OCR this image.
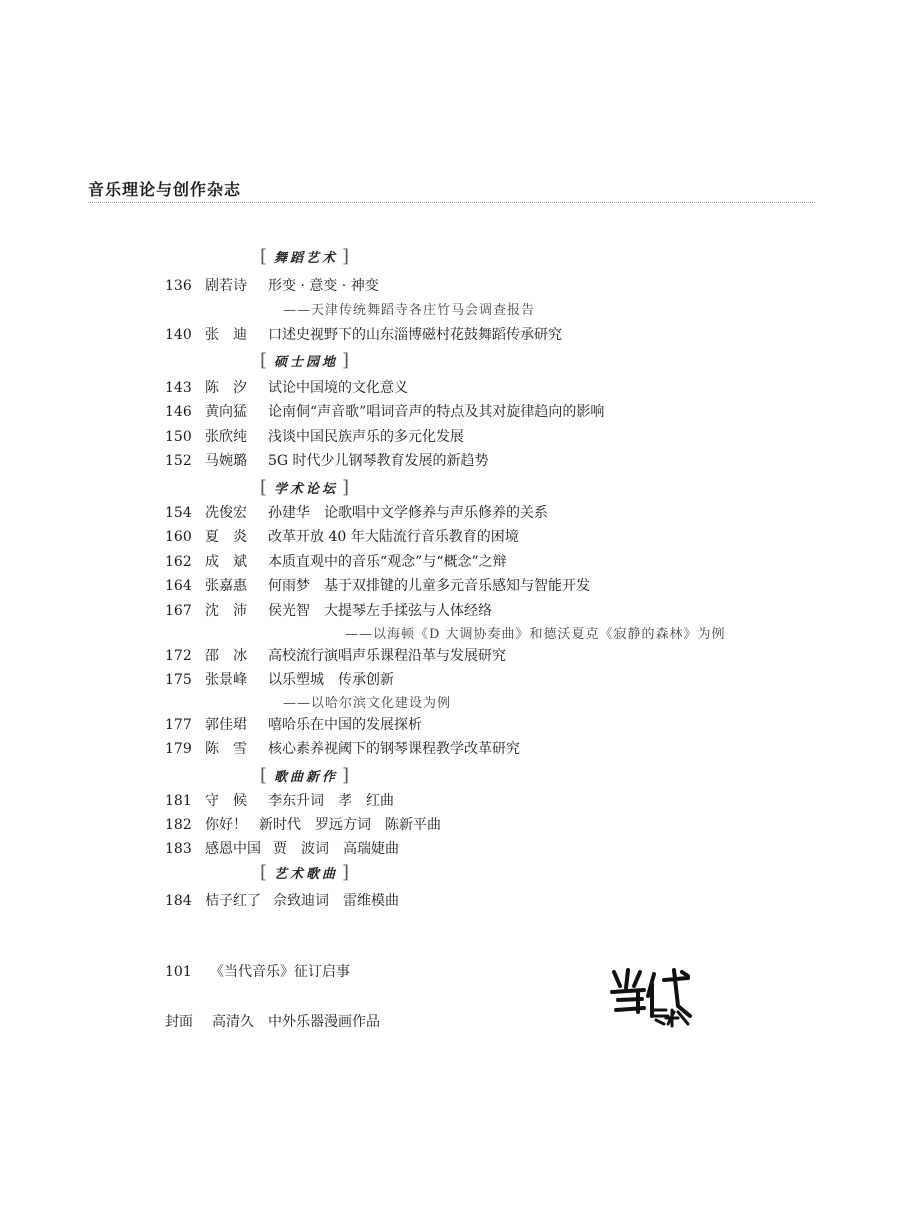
音乐理论与创作杂志
[ 舞蹈艺术 ]
136 剧若诗 形变 · 意变 · 神变
——天津传统舞蹈寺各庄竹马会调查报告
140 张　迪 口述史视野下的山东淄博磁村花鼓舞蹈传承研究
[ 硕士园地 ]
143 陈　汐 试论中国境的文化意义
146 黄向猛 论南侗“声音歌”唱词音声的特点及其对旋律趋向的影响
150 张欣纯 浅谈中国民族声乐的多元化发展
152 马婉璐 5G 时代少儿钢琴教育发展的新趋势
[ 学术论坛 ]
154 冼俊宏 孙建华　论歌唱中文学修养与声乐修养的关系
160 夏　炎 改革开放 40 年大陆流行音乐教育的困境
162 成　斌 本质直观中的音乐“观念”与“概念”之辩
164 张嘉惠 何雨梦　基于双排键的儿童多元音乐感知与智能开发
167 沈　沛 侯光智　大提琴左手揉弦与人体经络
——以海顿《D 大调协奏曲》和德沃夏克《寂静的森林》为例
172 邵　冰 高校流行演唱声乐课程沿革与发展研究
175 张景峰 以乐塑城　传承创新
——以哈尔滨文化建设为例
177 郭佳珺 嘻哈乐在中国的发展探析
179 陈　雪 核心素养视阈下的钢琴课程教学改革研究
[ 歌曲新作 ]
181 守　候 李东升词　孝　红曲
182 你好！ 新时代　罗远方词　陈新平曲
183 感恩中国 贾　波词　高瑞婕曲
[ 艺术歌曲 ]
184 桔子红了 佘致迪词　雷维模曲
101	《当代音乐》征订启事
封面 高清久　中外乐器漫画作品
